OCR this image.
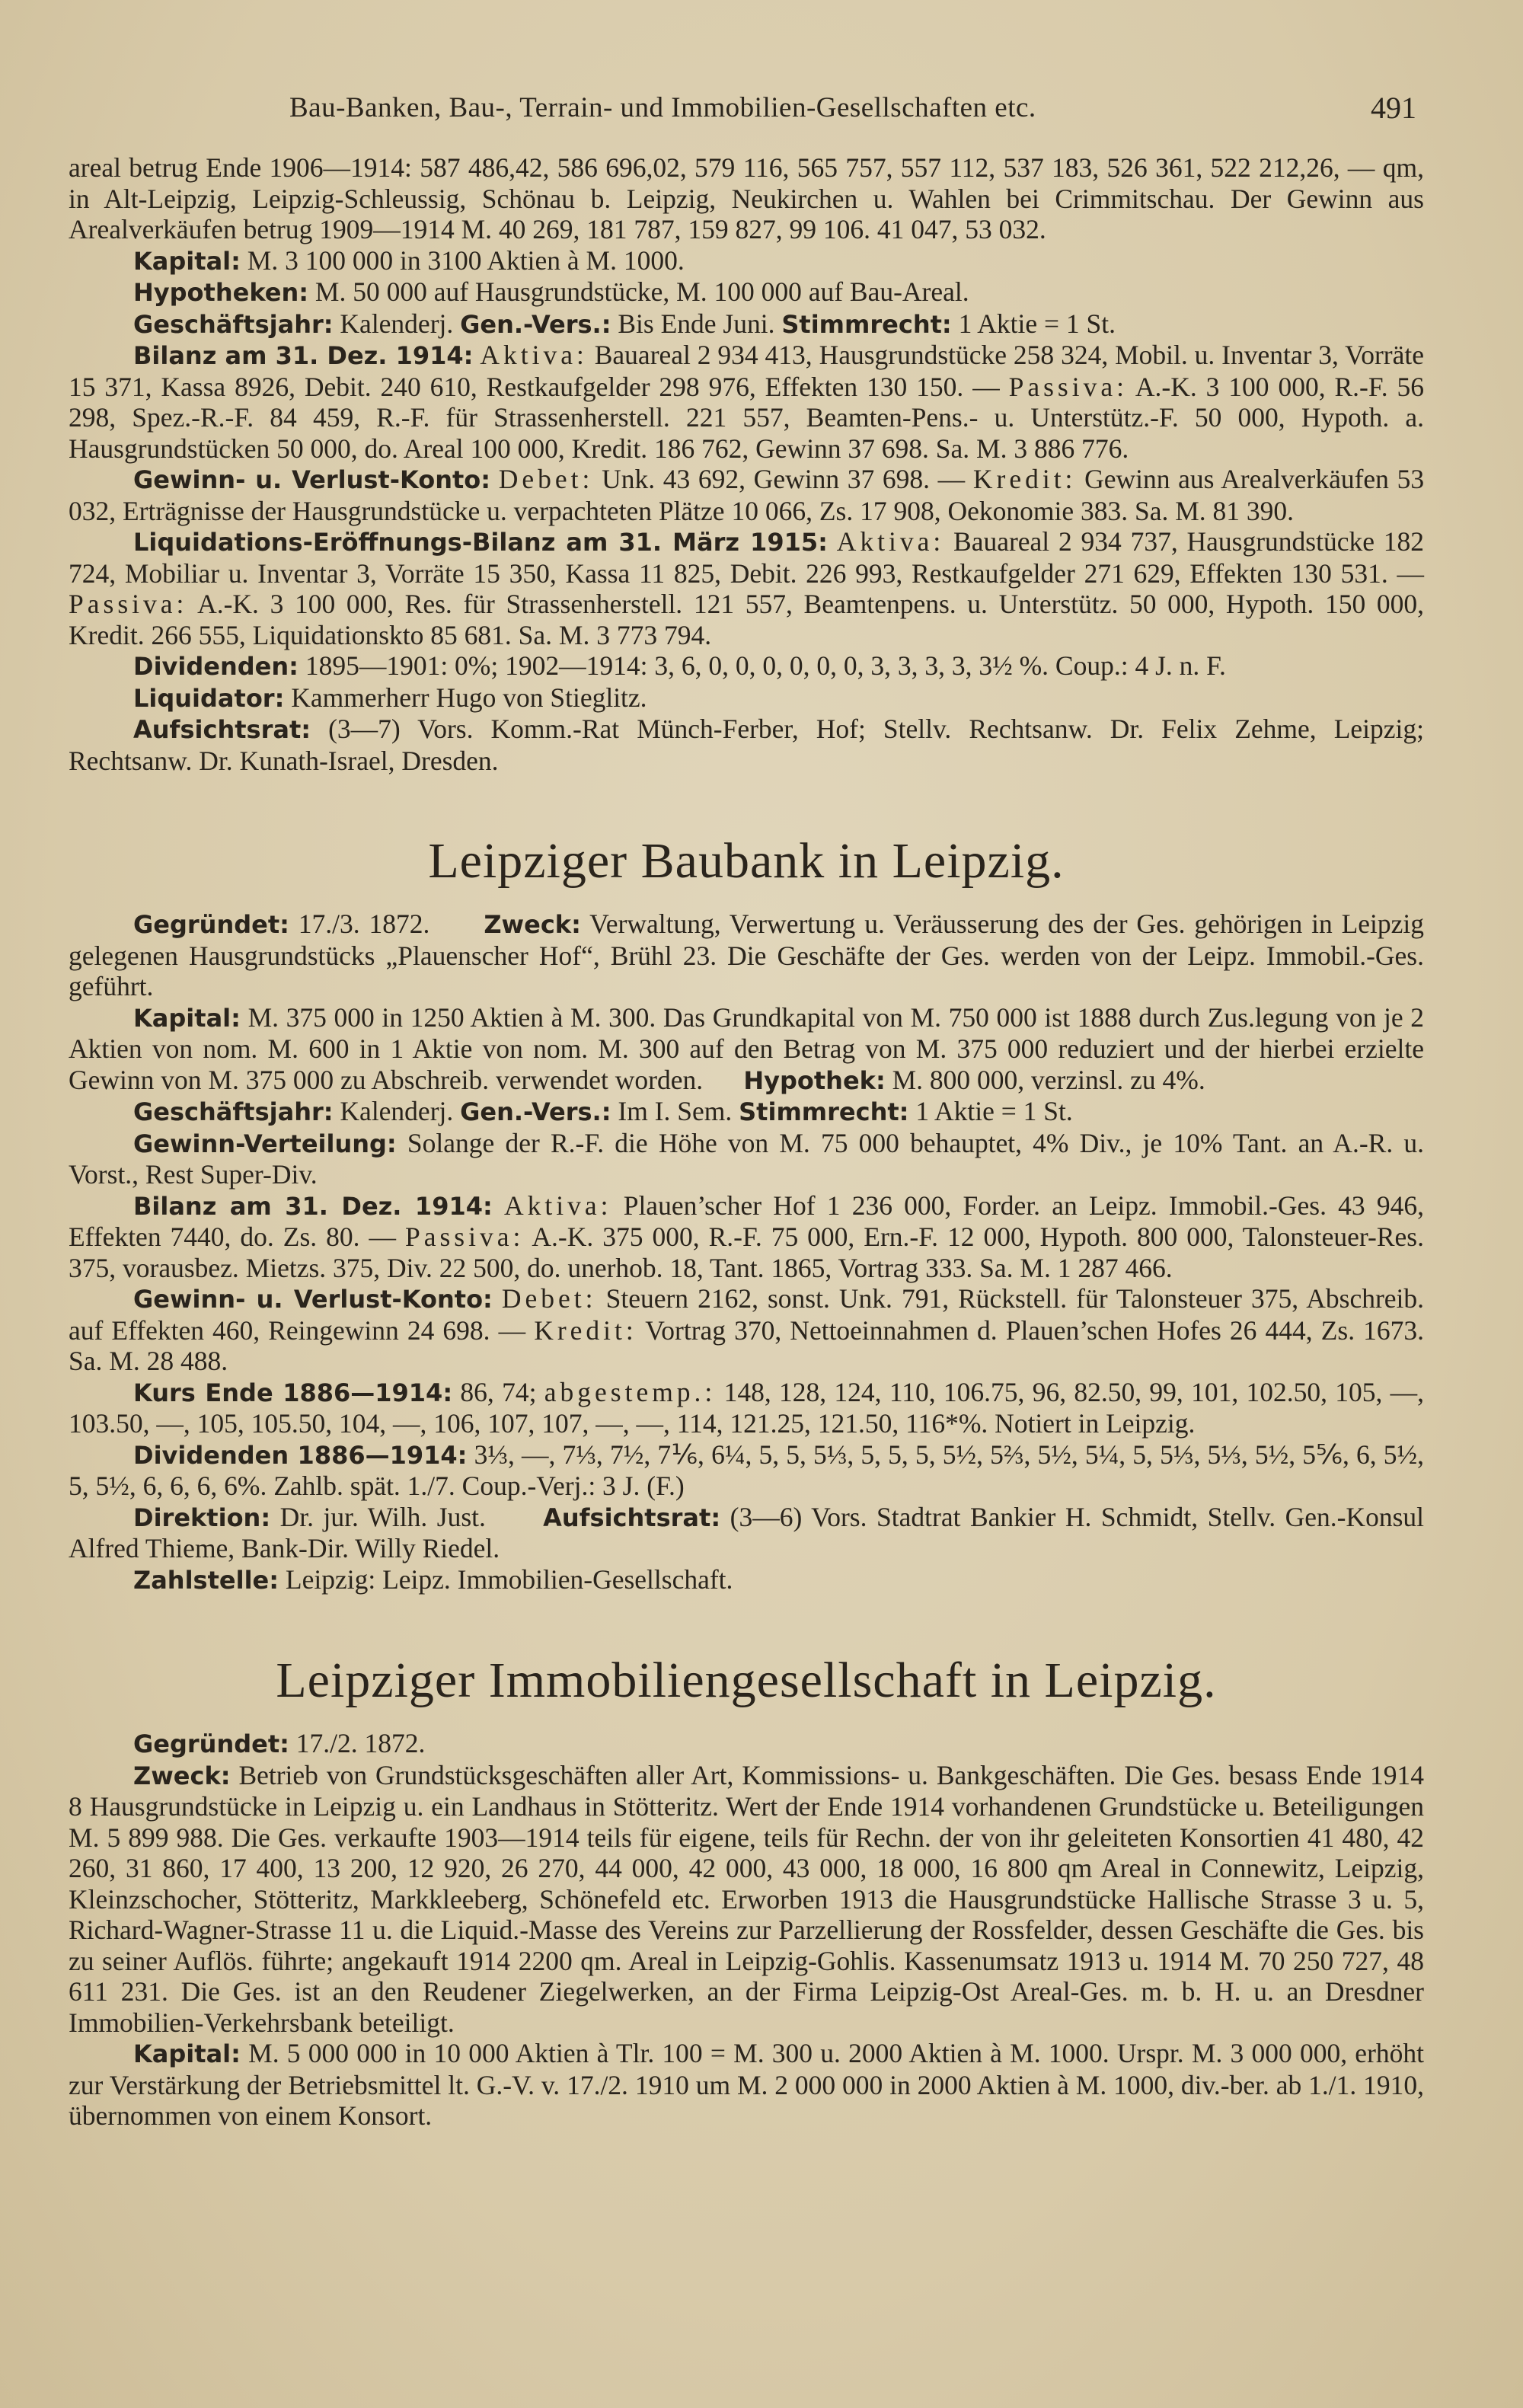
Bau-Banken, Bau-, Terrain- und Immobilien-Gesellschaften etc.	491

areal betrug Ende 1906—1914: 587 486,42, 586 696,02, 579 116, 565 757, 557 112, 537 183, 526 361, 522 212,26, — qm, in Alt-Leipzig, Leipzig-Schleussig, Schönau b. Leipzig, Neukirchen u. Wahlen bei Crimmitschau. Der Gewinn aus Arealverkäufen betrug 1909—1914 M. 40 269, 181 787, 159 827, 99 106. 41 047, 53 032.

Kapital: M. 3 100 000 in 3100 Aktien à M. 1000.

Hypotheken: M. 50 000 auf Hausgrundstücke, M. 100 000 auf Bau-Areal.

Geschäftsjahr: Kalenderj. Gen.-Vers.: Bis Ende Juni. Stimmrecht: 1 Aktie = 1 St.

Bilanz am 31. Dez. 1914: Aktiva: Bauareal 2 934 413, Hausgrundstücke 258 324, Mobil. u. Inventar 3, Vorräte 15 371, Kassa 8926, Debit. 240 610, Restkaufgelder 298 976, Effekten 130 150. — Passiva: A.-K. 3 100 000, R.-F. 56 298, Spez.-R.-F. 84 459, R.-F. für Strassenherstell. 221 557, Beamten-Pens.- u. Unterstütz.-F. 50 000, Hypoth. a. Hausgrundstücken 50 000, do. Areal 100 000, Kredit. 186 762, Gewinn 37 698. Sa. M. 3 886 776.

Gewinn- u. Verlust-Konto: Debet: Unk. 43 692, Gewinn 37 698. — Kredit: Gewinn aus Arealverkäufen 53 032, Erträgnisse der Hausgrundstücke u. verpachteten Plätze 10 066, Zs. 17 908, Oekonomie 383. Sa. M. 81 390.

Liquidations-Eröffnungs-Bilanz am 31. März 1915: Aktiva: Bauareal 2 934 737, Hausgrundstücke 182 724, Mobiliar u. Inventar 3, Vorräte 15 350, Kassa 11 825, Debit. 226 993, Restkaufgelder 271 629, Effekten 130 531. — Passiva: A.-K. 3 100 000, Res. für Strassenherstell. 121 557, Beamtenpens. u. Unterstütz. 50 000, Hypoth. 150 000, Kredit. 266 555, Liquidationskto 85 681. Sa. M. 3 773 794.

Dividenden: 1895—1901: 0%; 1902—1914: 3, 6, 0, 0, 0, 0, 0, 0, 3, 3, 3, 3, 3½ %. Coup.: 4 J. n. F.

Liquidator: Kammerherr Hugo von Stieglitz.

Aufsichtsrat: (3—7) Vors. Komm.-Rat Münch-Ferber, Hof; Stellv. Rechtsanw. Dr. Felix Zehme, Leipzig; Rechtsanw. Dr. Kunath-Israel, Dresden.

Leipziger Baubank in Leipzig.

Gegründet: 17./3. 1872. Zweck: Verwaltung, Verwertung u. Veräusserung des der Ges. gehörigen in Leipzig gelegenen Hausgrundstücks „Plauenscher Hof“, Brühl 23. Die Geschäfte der Ges. werden von der Leipz. Immobil.-Ges. geführt.

Kapital: M. 375 000 in 1250 Aktien à M. 300. Das Grundkapital von M. 750 000 ist 1888 durch Zus.legung von je 2 Aktien von nom. M. 600 in 1 Aktie von nom. M. 300 auf den Betrag von M. 375 000 reduziert und der hierbei erzielte Gewinn von M. 375 000 zu Abschreib. verwendet worden. Hypothek: M. 800 000, verzinsl. zu 4%.

Geschäftsjahr: Kalenderj. Gen.-Vers.: Im I. Sem. Stimmrecht: 1 Aktie = 1 St.

Gewinn-Verteilung: Solange der R.-F. die Höhe von M. 75 000 behauptet, 4% Div., je 10% Tant. an A.-R. u. Vorst., Rest Super-Div.

Bilanz am 31. Dez. 1914: Aktiva: Plauen’scher Hof 1 236 000, Forder. an Leipz. Immobil.-Ges. 43 946, Effekten 7440, do. Zs. 80. — Passiva: A.-K. 375 000, R.-F. 75 000, Ern.-F. 12 000, Hypoth. 800 000, Talonsteuer-Res. 375, vorausbez. Mietzs. 375, Div. 22 500, do. unerhob. 18, Tant. 1865, Vortrag 333. Sa. M. 1 287 466.

Gewinn- u. Verlust-Konto: Debet: Steuern 2162, sonst. Unk. 791, Rückstell. für Talonsteuer 375, Abschreib. auf Effekten 460, Reingewinn 24 698. — Kredit: Vortrag 370, Nettoeinnahmen d. Plauen’schen Hofes 26 444, Zs. 1673. Sa. M. 28 488.

Kurs Ende 1886—1914: 86, 74; abgestemp.: 148, 128, 124, 110, 106.75, 96, 82.50, 99, 101, 102.50, 105, —, 103.50, —, 105, 105.50, 104, —, 106, 107, 107, —, —, 114, 121.25, 121.50, 116*%. Notiert in Leipzig.

Dividenden 1886—1914: 3⅓, —, 7⅓, 7½, 7⅙, 6¼, 5, 5, 5⅓, 5, 5, 5, 5½, 5⅔, 5½, 5¼, 5, 5⅓, 5⅓, 5½, 5⅚, 6, 5½, 5, 5½, 6, 6, 6, 6%. Zahlb. spät. 1./7. Coup.-Verj.: 3 J. (F.)

Direktion: Dr. jur. Wilh. Just. Aufsichtsrat: (3—6) Vors. Stadtrat Bankier H. Schmidt, Stellv. Gen.-Konsul Alfred Thieme, Bank-Dir. Willy Riedel.

Zahlstelle: Leipzig: Leipz. Immobilien-Gesellschaft.

Leipziger Immobiliengesellschaft in Leipzig.

Gegründet: 17./2. 1872.

Zweck: Betrieb von Grundstücksgeschäften aller Art, Kommissions- u. Bankgeschäften. Die Ges. besass Ende 1914 8 Hausgrundstücke in Leipzig u. ein Landhaus in Stötteritz. Wert der Ende 1914 vorhandenen Grundstücke u. Beteiligungen M. 5 899 988. Die Ges. verkaufte 1903—1914 teils für eigene, teils für Rechn. der von ihr geleiteten Konsortien 41 480, 42 260, 31 860, 17 400, 13 200, 12 920, 26 270, 44 000, 42 000, 43 000, 18 000, 16 800 qm Areal in Connewitz, Leipzig, Kleinzschocher, Stötteritz, Markkleeberg, Schönefeld etc. Erworben 1913 die Hausgrundstücke Hallische Strasse 3 u. 5, Richard-Wagner-Strasse 11 u. die Liquid.-Masse des Vereins zur Parzellierung der Rossfelder, dessen Geschäfte die Ges. bis zu seiner Auflös. führte; angekauft 1914 2200 qm. Areal in Leipzig-Gohlis. Kassenumsatz 1913 u. 1914 M. 70 250 727, 48 611 231. Die Ges. ist an den Reudener Ziegelwerken, an der Firma Leipzig-Ost Areal-Ges. m. b. H. u. an Dresdner Immobilien-Verkehrsbank beteiligt.

Kapital: M. 5 000 000 in 10 000 Aktien à Tlr. 100 = M. 300 u. 2000 Aktien à M. 1000. Urspr. M. 3 000 000, erhöht zur Verstärkung der Betriebsmittel lt. G.-V. v. 17./2. 1910 um M. 2 000 000 in 2000 Aktien à M. 1000, div.-ber. ab 1./1. 1910, übernommen von einem Konsort.
